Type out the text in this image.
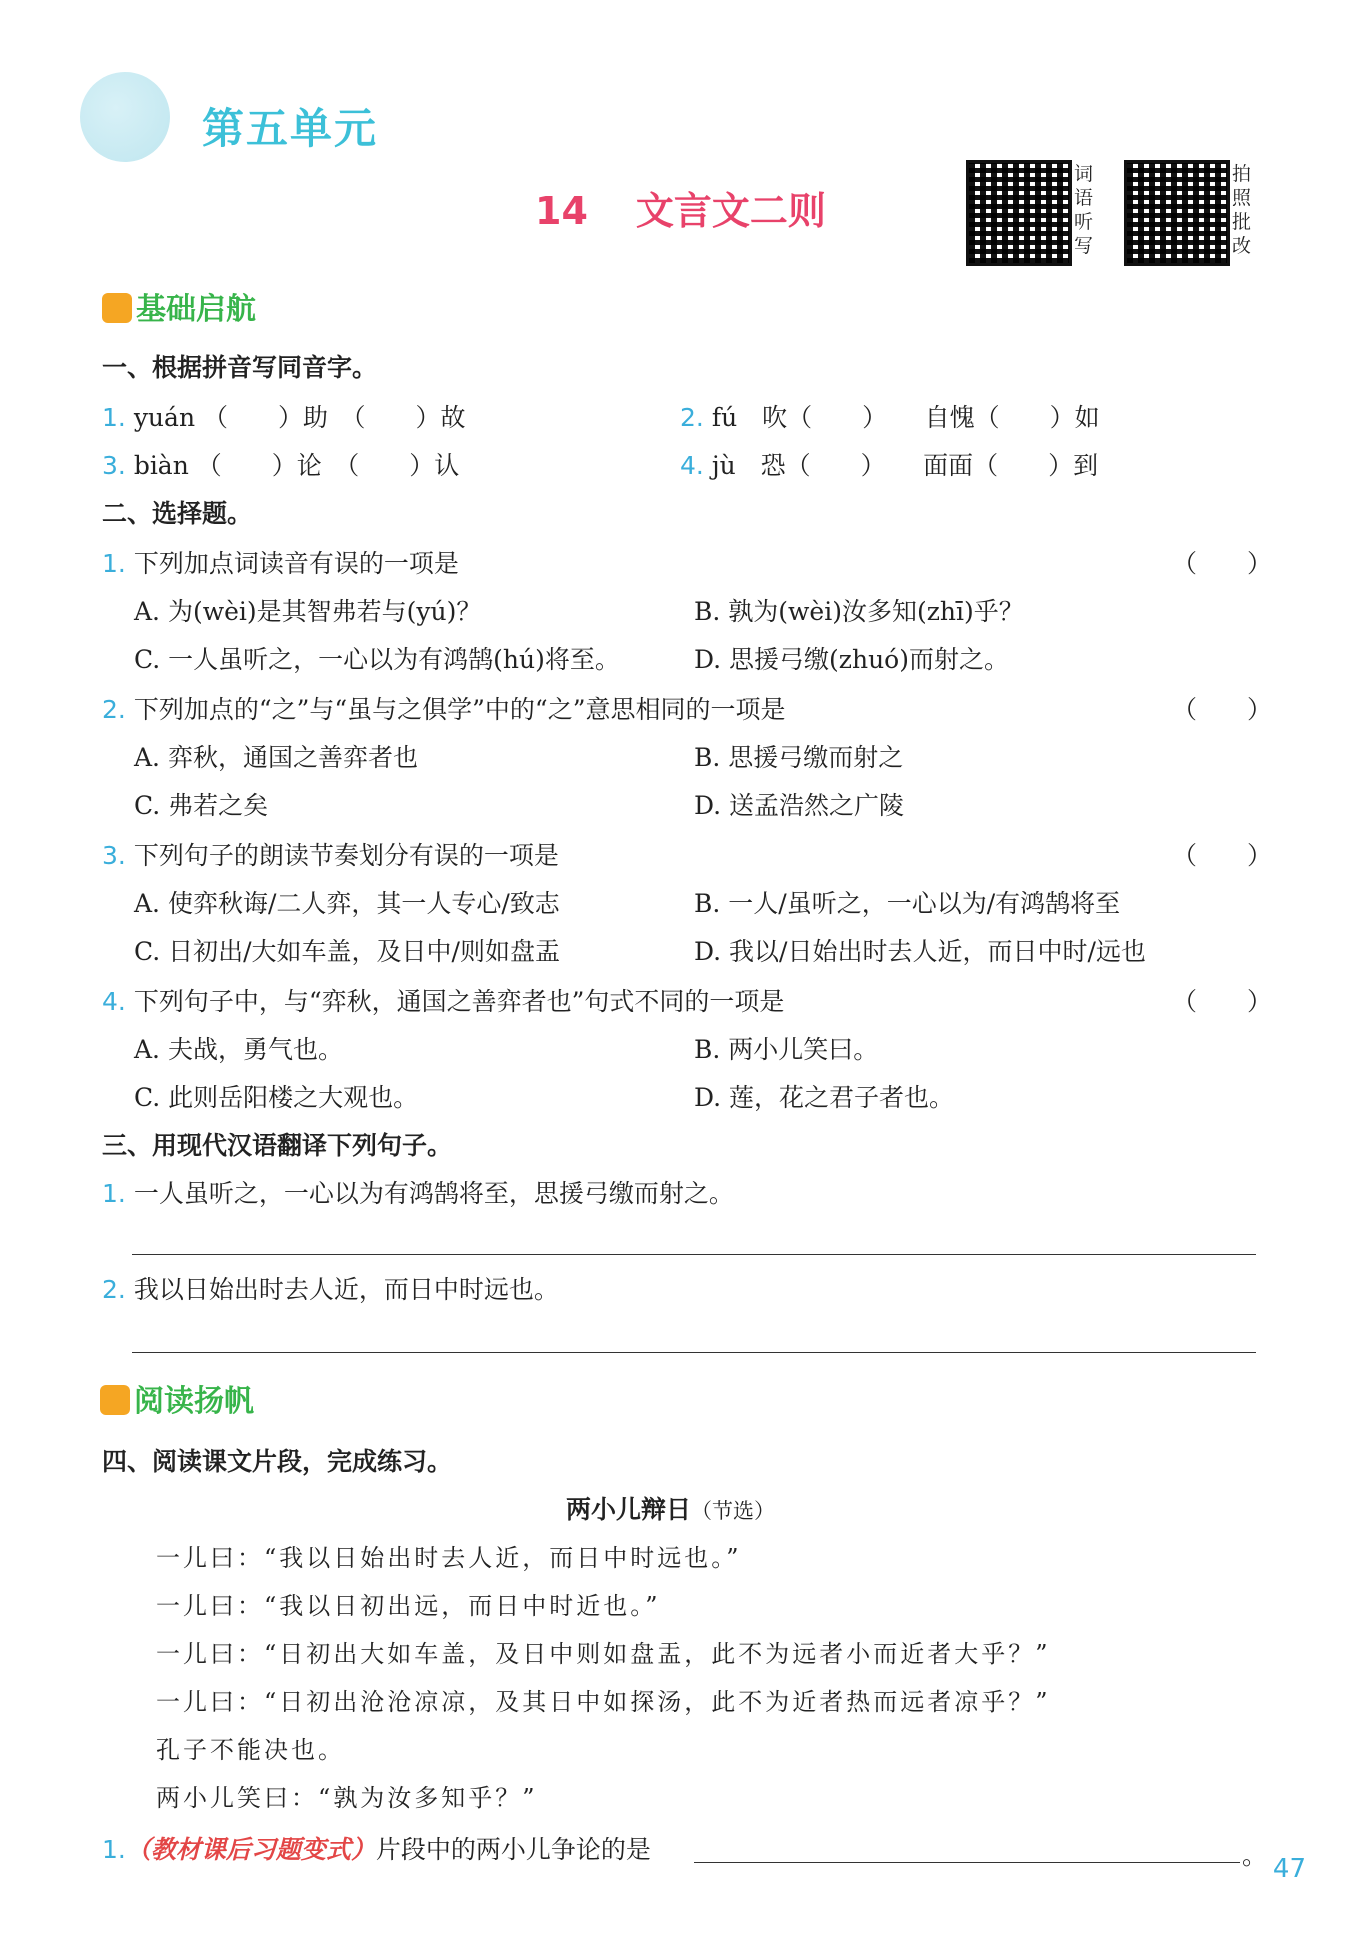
第五单元
14 文言文二则
词语听写
拍照批改
基础启航
一、根据拼音写同音字。
1. yuán （　　）助　（　　）故	2. fú　吹（　　）　　自愧（　　）如
3. biàn （　　）论　（　　）认	4. jù　恐（　　）　　面面（　　）到
二、选择题。
1. 下列加点词读音有误的一项是	（　　）
A. 为(wèi)是其智弗若与(yú)？	B. 孰为(wèi)汝多知(zhī)乎？
C. 一人虽听之，一心以为有鸿鹄(hú)将至。	D. 思援弓缴(zhuó)而射之。
2. 下列加点的“之”与“虽与之俱学”中的“之”意思相同的一项是	（　　）
A. 弈秋，通国之善弈者也	B. 思援弓缴而射之
C. 弗若之矣	D. 送孟浩然之广陵
3. 下列句子的朗读节奏划分有误的一项是	（　　）
A. 使弈秋诲/二人弈，其一人专心/致志	B. 一人/虽听之，一心以为/有鸿鹄将至
C. 日初出/大如车盖，及日中/则如盘盂	D. 我以/日始出时去人近，而日中时/远也
4. 下列句子中，与“弈秋，通国之善弈者也”句式不同的一项是	（　　）
A. 夫战，勇气也。	B. 两小儿笑曰。
C. 此则岳阳楼之大观也。	D. 莲，花之君子者也。
三、用现代汉语翻译下列句子。
1. 一人虽听之，一心以为有鸿鹄将至，思援弓缴而射之。
2. 我以日始出时去人近，而日中时远也。
阅读扬帆
四、阅读课文片段，完成练习。
两小儿辩日（节选）
一儿曰：“我以日始出时去人近，而日中时远也。”
一儿曰：“我以日初出远，而日中时近也。”
一儿曰：“日初出大如车盖，及日中则如盘盂，此不为远者小而近者大乎？”
一儿曰：“日初出沧沧凉凉，及其日中如探汤，此不为近者热而远者凉乎？”
孔子不能决也。
两小儿笑曰：“孰为汝多知乎？”
1.（教材课后习题变式）片段中的两小儿争论的是	。 47
